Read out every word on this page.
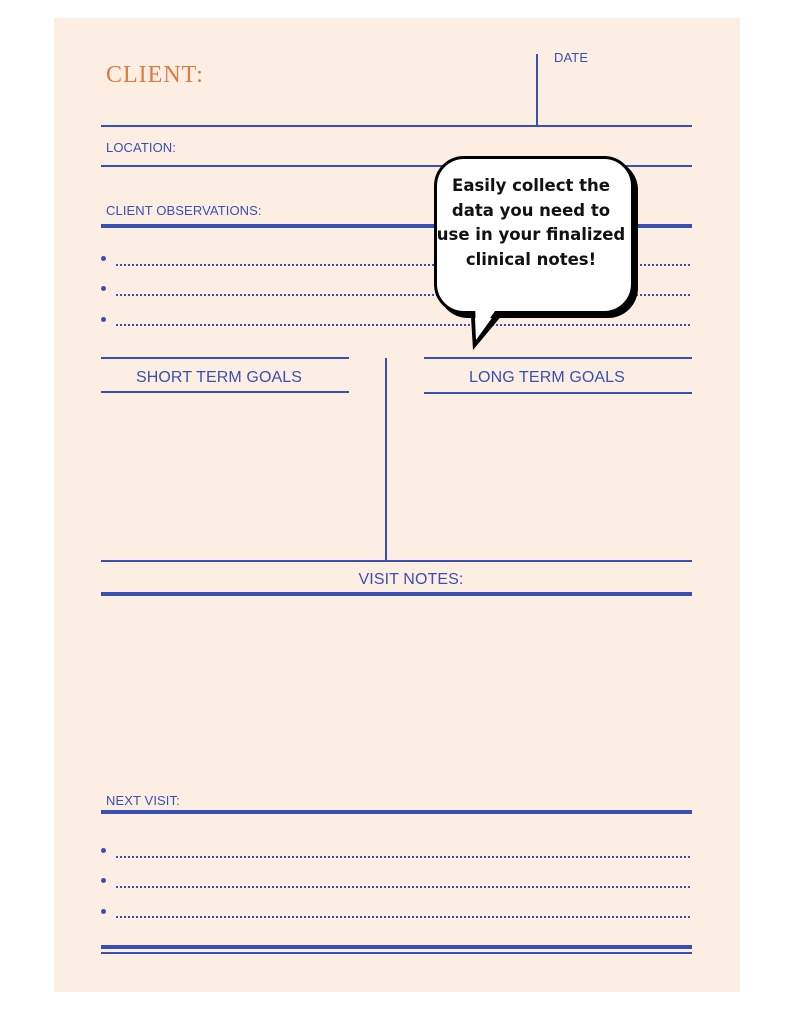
CLIENT:
DATE
LOCATION:
CLIENT OBSERVATIONS:
SHORT TERM GOALS	LONG TERM GOALS
VISIT NOTES:
NEXT VISIT:
Easily collect the data you need to use in your finalized clinical notes!
